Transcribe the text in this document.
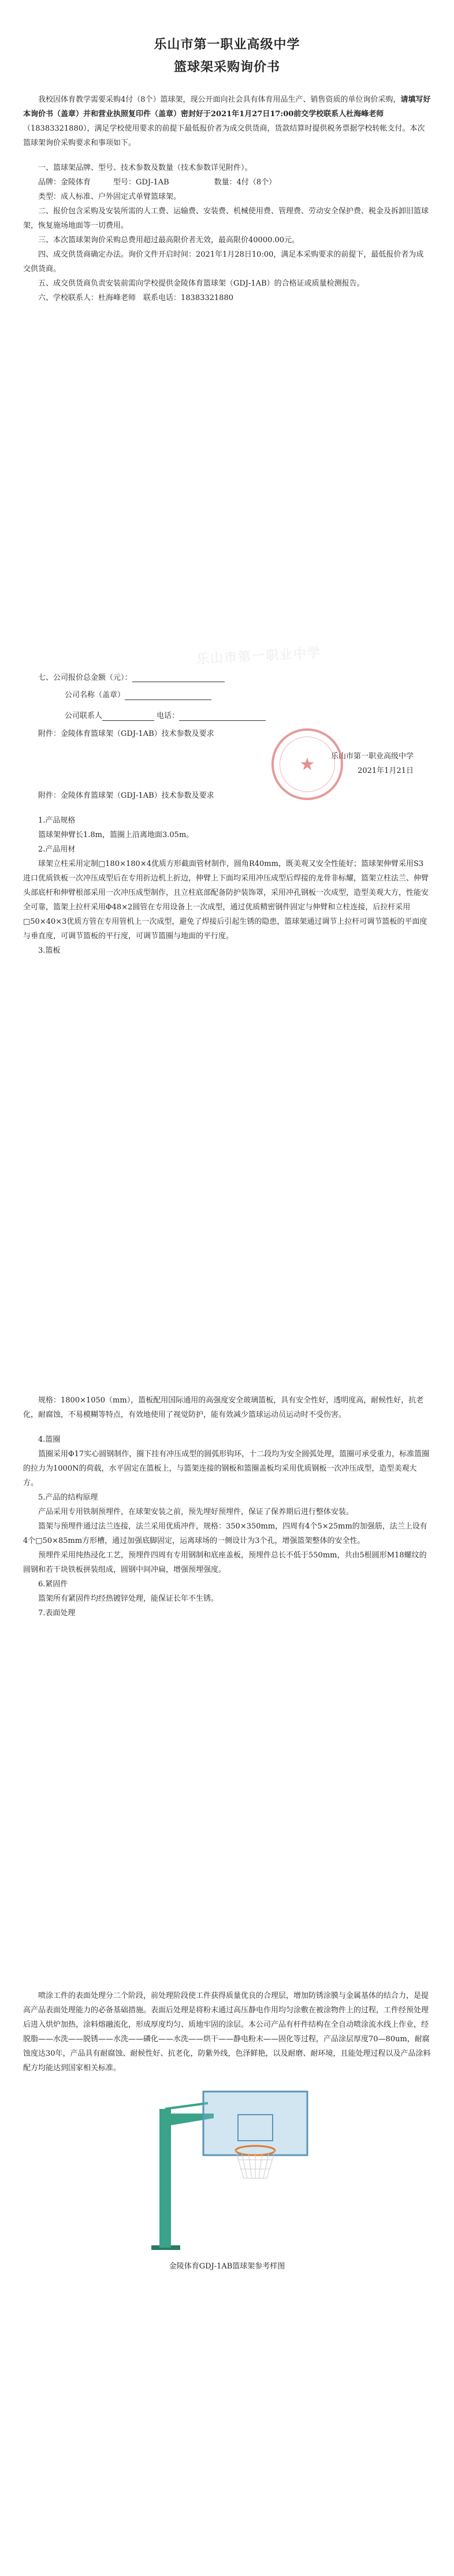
乐山市第一职业高级中学
篮球架采购询价书

我校因体育教学需要采购4付（8个）篮球架，现公开面向社会具有体育用品生产、销售资质的单位询价采购，请填写好本询价书（盖章）并和营业执照复印件（盖章）密封好于2021年1月27日17:00前交学校联系人杜海峰老师（18383321880），满足学校使用要求的前提下最低报价者为成交供货商，货款结算时提供税务票据学校转帐支付。本次篮球架询价采购要求和事项如下。

一、篮球架品牌、型号、技术参数及数量（技术参数详见附件）。

品牌：金陵体育　　　型号：GDJ-1AB　　　　　　数量：4付（8个）

类型：成人标准、户外固定式单臂篮球架。

二、报价包含采购及安装所需的人工费、运输费、安装费、机械使用费、管理费、劳动安全保护费、税金及拆卸旧篮球架，恢复施场地面等一切费用。

三、本次篮球架询价采购总费用超过最高限价者无效，最高限价40000.00元。

四、成交供货商确定办法。询价文件开启时间：2021年1月28日10:00，满足本采购要求的前提下，最低报价者为成交供货商。

五、成交供货商负责安装前需向学校提供金陵体育篮球架（GDJ-1AB）的合格证或质量检测报告。

六、学校联系人：杜海峰老师　联系电话：18383321880

乐山市第一职业中学

七、公司报价总金额（元）：

公司名称（盖章）
公司联系人	电话：

附件：金陵体育篮球架（GDJ-1AB）技术参数及要求

★	乐山市第一职业高级中学
2021年1月21日

附件：金陵体育篮球架（GDJ-1AB）技术参数及要求

1.产品规格

篮球架伸臂长1.8m，篮圈上沿离地面3.05m。

2.产品用材

球架立柱采用定制□180×180×4优质方形截面管材制作，圆角R40mm，既美观又安全性能好；篮球架伸臂采用S3进口优质铁板一次冲压成型后在专用折边机上折边，伸臂上下面均采用冲压成型后焊接的龙骨非标耀，篮架立柱法兰、伸臂头部底杆和伸臂根部采用一次冲压成型制作，且立柱底部配备防护装饰罩，采用冲孔钢板一次成型，造型美观大方，性能安全可靠，篮架上拉杆采用Φ48×2圆管在专用设备上一次成型，通过优质精密钢件固定与伸臂和立柱连接，后拉杆采用□50×40×3优质方管在专用管机上一次成型，避免了焊接后引起生锈的隐患，篮球架通过调节上拉杆可调节篮板的平面度与垂直度，可调节篮板的平行度，可调节篮圈与地面的平行度。

3.篮板

规格：1800×1050（mm），篮板配用国际通用的高强度安全玻璃篮板，具有安全性好，透明度高，耐候性好，抗老化，耐腐蚀，不易模糊等特点，有效地使用了视觉防护，能有效减少篮球运动员运动时不受伤害。

4.篮圈

篮圈采用Φ17实心圆钢制作，圈下挂有冲压成型的圆弧形钩环，十二段均为安全圆弧处理，篮圈可承受重力，标准篮圈的拉力为1000N的荷载，水平固定在篮板上，与篮架连接的钢板和篮圈盖板均采用优质钢板一次冲压成型，造型美观大方。

5.产品的结构原理

产品采用专用铁制预埋件，在球架安装之前，预先埋好预埋件，保证了保养期后进行整体安装。

篮架与预埋件通过法兰连接，法兰采用优质冲件，规格：350×350mm，四周有4个5×25mm的加强筋，法兰上设有4个□50×85mm方形槽，通过加强底脚固定，运离球场的一侧设计为3个孔，增强篮架整体的安全性。

预埋件采用纯热浸化工艺，预埋件四周有专用钢制和底座盖板，预埋件总长不低于550mm，共由5根圆形M18螺纹的圆钢和若干块铁板拼装组成，圆钢中间冲扁，增强预埋强度。

6.紧固件

篮架所有紧固件均经热镀锌处理，能保证长年不生锈。

7.表面处理

喷涂工件的表面处理分二个阶段，前处理阶段使工件获得质量优良的合理层，增加防锈涂膜与金属基体的结合力，是提高产品表面处理能力的必备基础措施。表面后处理是将粉末通过高压静电作用均匀涂敷在被涂物件上的过程，工件经预处理后进入烘炉加热，涂料熔融流化，形成厚度均匀、质地牢固的涂层。本公司产品有杆件结构在全自动喷涂流水线上作业，经脱脂——水洗——脱锈——水洗——磷化——水洗——烘干——静电粉末——固化等过程，产品涂层厚度70—80um，耐腐蚀度达30年，产品具有耐腐蚀、耐候性好、抗老化，防紫外线，色泽鲜艳，以及耐磨、耐环境，且能处理过程以及产品涂料配方均能达到国家相关标准。

金陵体育GDJ-1AB篮球架参考样图
